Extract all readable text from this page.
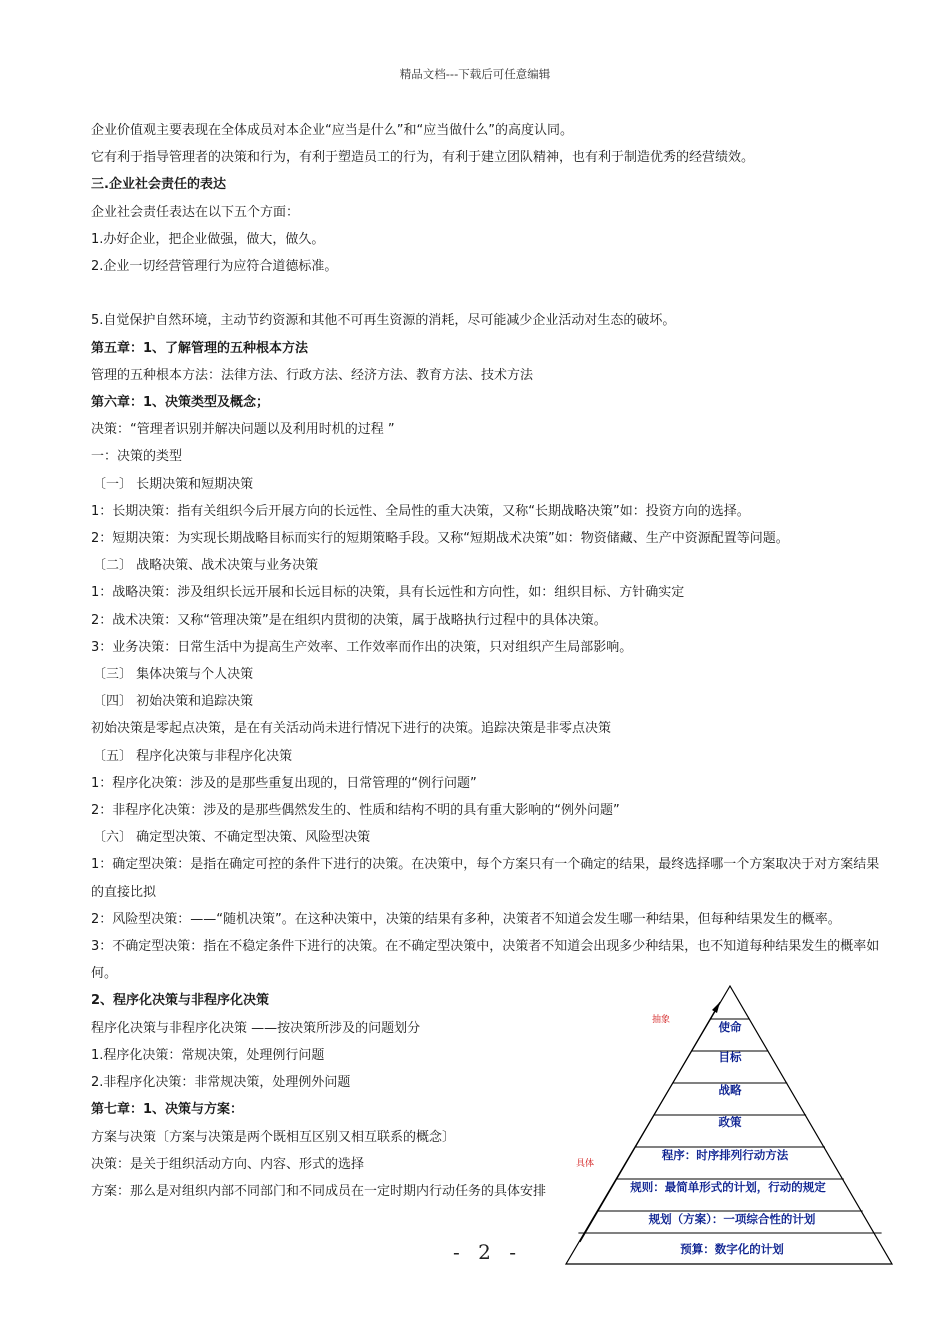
精品文档---下载后可任意编辑

企业价值观主要表现在全体成员对本企业“应当是什么”和“应当做什么”的高度认同。

它有利于指导管理者的决策和行为，有利于塑造员工的行为，有利于建立团队精神，也有利于制造优秀的经营绩效。

三.企业社会责任的表达

企业社会责任表达在以下五个方面：

1.办好企业，把企业做强，做大，做久。

2.企业一切经营管理行为应符合道德标准。

5.自觉保护自然环境，主动节约资源和其他不可再生资源的消耗，尽可能减少企业活动对生态的破坏。

第五章：1、了解管理的五种根本方法

管理的五种根本方法：法律方法、行政方法、经济方法、教育方法、技术方法

第六章：1、决策类型及概念；

决策：“管理者识别并解决问题以及利用时机的过程 ”

一：决策的类型

〔一〕 长期决策和短期决策

1：长期决策：指有关组织今后开展方向的长远性、全局性的重大决策，又称“长期战略决策”如：投资方向的选择。

2：短期决策：为实现长期战略目标而实行的短期策略手段。又称“短期战术决策”如：物资储藏、生产中资源配置等问题。

〔二〕 战略决策、战术决策与业务决策

1：战略决策：涉及组织长远开展和长远目标的决策，具有长远性和方向性，如：组织目标、方针确实定

2：战术决策：又称“管理决策”是在组织内贯彻的决策，属于战略执行过程中的具体决策。

3：业务决策：日常生活中为提高生产效率、工作效率而作出的决策，只对组织产生局部影响。

〔三〕 集体决策与个人决策

〔四〕 初始决策和追踪决策

初始决策是零起点决策，是在有关活动尚未进行情况下进行的决策。追踪决策是非零点决策

〔五〕 程序化决策与非程序化决策

1：程序化决策：涉及的是那些重复出现的，日常管理的“例行问题”

2：非程序化决策：涉及的是那些偶然发生的、性质和结构不明的具有重大影响的“例外问题”

〔六〕 确定型决策、不确定型决策、风险型决策

1：确定型决策：是指在确定可控的条件下进行的决策。在决策中，每个方案只有一个确定的结果，最终选择哪一个方案取决于对方案结果的直接比拟

2：风险型决策：——“随机决策”。在这种决策中，决策的结果有多种，决策者不知道会发生哪一种结果，但每种结果发生的概率。

3：不确定型决策：指在不稳定条件下进行的决策。在不确定型决策中，决策者不知道会出现多少种结果，也不知道每种结果发生的概率如何。

2、程序化决策与非程序化决策

程序化决策与非程序化决策 ——按决策所涉及的问题划分

1.程序化决策：常规决策，处理例行问题

2.非程序化决策：非常规决策，处理例外问题

第七章：1、决策与方案：

方案与决策〔方案与决策是两个既相互区别又相互联系的概念〕

决策：是关于组织活动方向、内容、形式的选择

方案：那么是对组织内部不同部门和不同成员在一定时期内行动任务的具体安排

抽象
具体
使命
目标
战略
政策
程序：时序排列行动方法
规则：最简单形式的计划，行动的规定
规划（方案）：一项综合性的计划
预算：数字化的计划
- 2 -
